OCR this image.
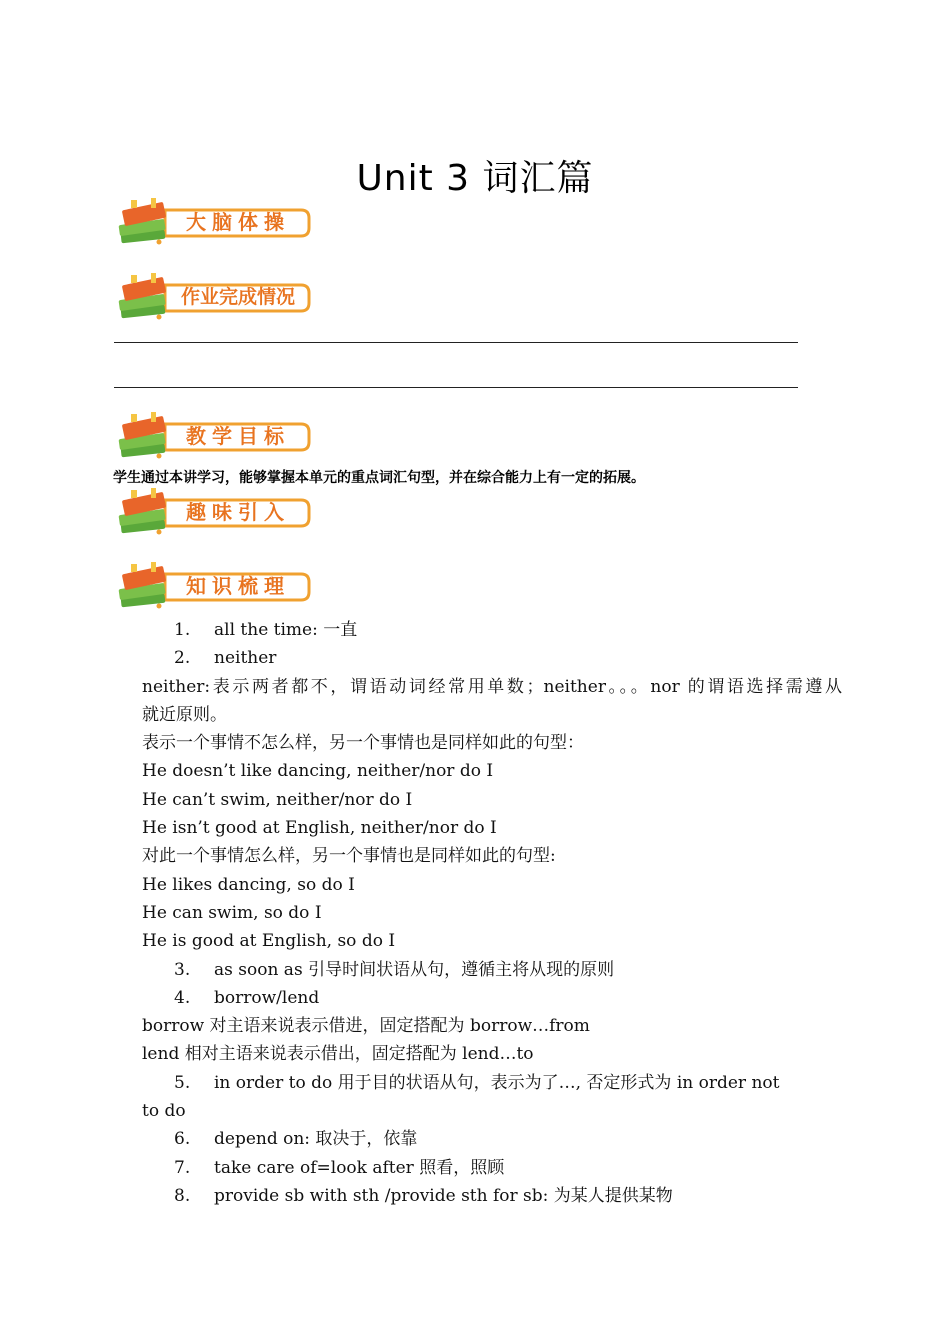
Unit 3 词汇篇
大脑体操
作业完成情况
教学目标
学生通过本讲学习，能够掌握本单元的重点词汇句型，并在综合能力上有一定的拓展。
趣味引入
知识梳理
1. all the time: 一直
2. neither
neither:表示两者都不，谓语动词经常用单数；neither。。。nor 的谓语选择需遵从
就近原则。
表示一个事情不怎么样，另一个事情也是同样如此的句型：
He doesn’t like dancing, neither/nor do I
He can’t swim, neither/nor do I
He isn’t good at English, neither/nor do I
对此一个事情怎么样，另一个事情也是同样如此的句型:
He likes dancing, so do I
He can swim, so do I
He is good at English, so do I
3. as soon as 引导时间状语从句，遵循主将从现的原则
4. borrow/lend
borrow 对主语来说表示借进，固定搭配为 borrow…from
lend 相对主语来说表示借出，固定搭配为 lend…to
5. in order to do 用于目的状语从句，表示为了…, 否定形式为 in order not
to do
6. depend on: 取决于，依靠
7. take care of=look after 照看，照顾
8. provide sb with sth /provide sth for sb: 为某人提供某物
